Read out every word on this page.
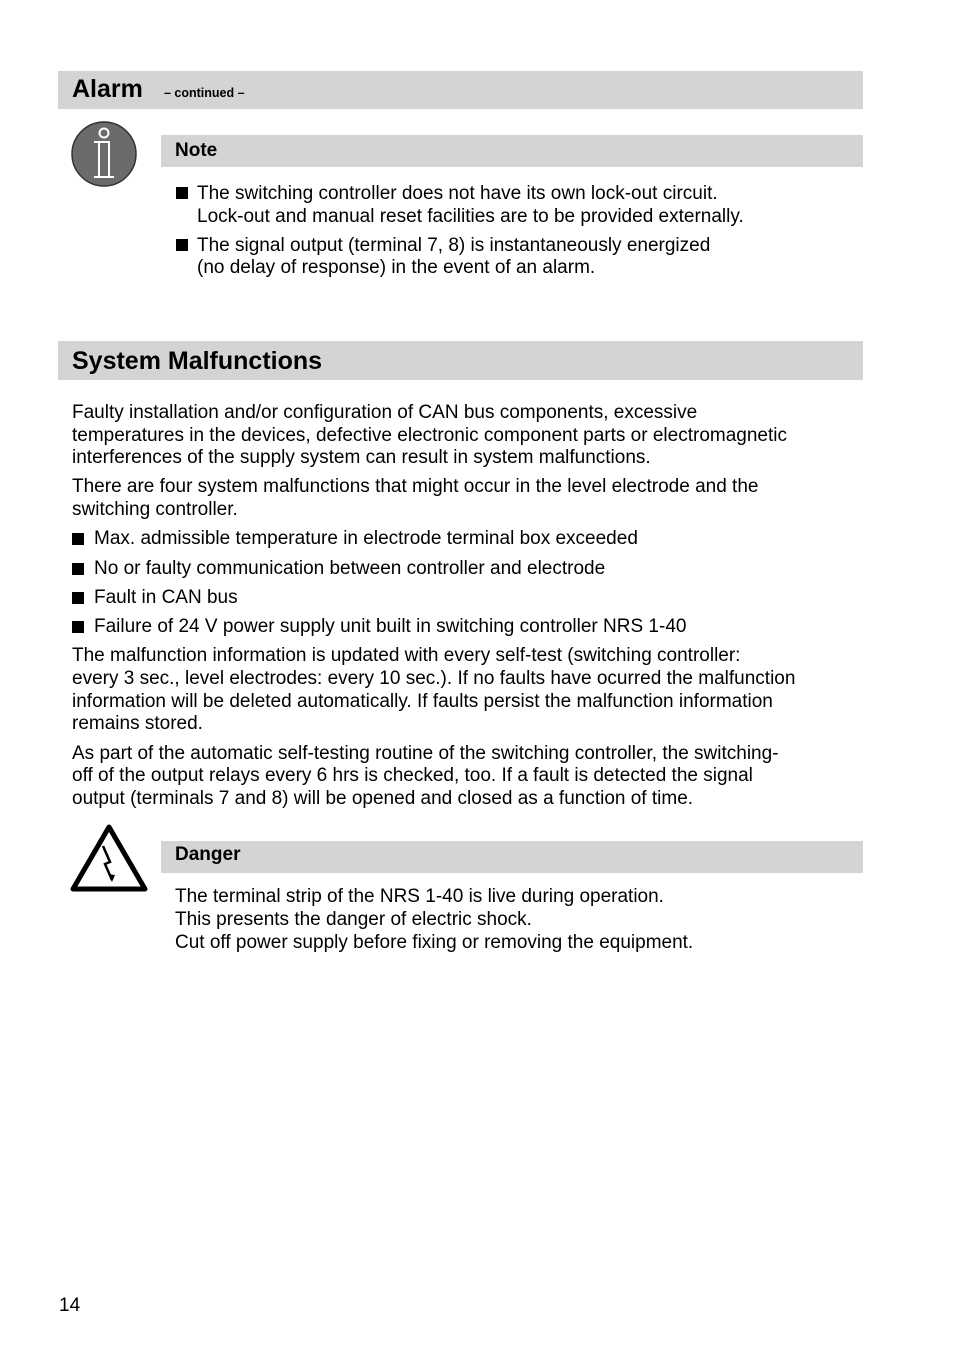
Alarm – continued –
Note
The switching controller does not have its own lock-out circuit.
Lock-out and manual reset facilities are to be provided externally.
The signal output (terminal 7, 8) is instantaneously energized
(no delay of response) in the event of an alarm.
System Malfunctions
Faulty installation and/or configuration of CAN bus components, excessive
temperatures in the devices, defective electronic component parts or electromagnetic
interferences of the supply system can result in system malfunctions.
There are four system malfunctions that might occur in the level electrode and the
switching controller.
Max. admissible temperature in electrode terminal box exceeded
No or faulty communication between controller and electrode
Fault in CAN bus
Failure of 24 V power supply unit built in switching controller NRS 1-40
The malfunction information is updated with every self-test (switching controller:
every 3 sec., level electrodes: every 10 sec.). If no faults have ocurred the malfunction
information will be deleted automatically. If faults persist the malfunction information
remains stored.
As part of the automatic self-testing routine of the switching controller, the switching-
off of the output relays every 6 hrs is checked, too. If a fault is detected the signal
output (terminals 7 and 8) will be opened and closed as a function of time.
Danger
The terminal strip of the NRS 1-40 is live during operation.
This presents the danger of electric shock.
Cut off power supply before fixing or removing the equipment.
14
